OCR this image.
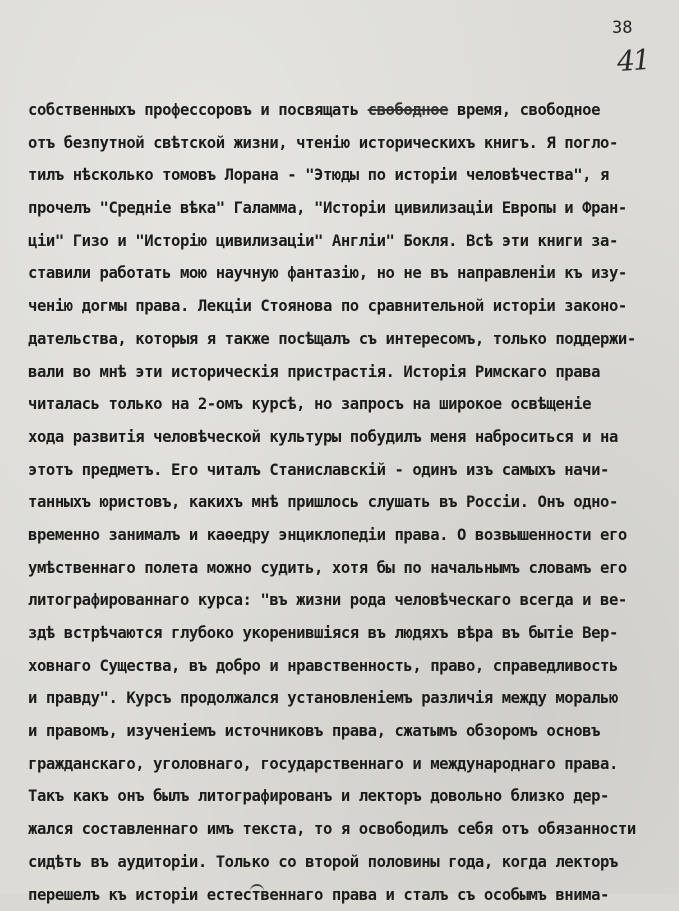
38
41
собственныхъ профессоровъ и посвящать свободное время, свободное
отъ безпутной свѣтской жизни, чтенiю историческихъ книгъ. Я погло-
тилъ нѣсколько томовъ Лорана - "Этюды по исторiи человѣчества", я
прочелъ "Среднiе вѣка" Галамма, "Исторiи цивилизацiи Европы и Фран-
цiи" Гизо и "Исторiю цивилизацiи" Англiи" Бокля. Всѣ эти книги за-
ставили работать мою научную фантазiю, но не въ направленiи къ изу-
ченiю догмы права. Лекцiи Стоянова по сравнительной исторiи законо-
дательства, которыя я также посѣщалъ съ интересомъ, только поддержи-
вали во мнѣ эти историческiя пристрастiя. Исторiя Римскаго права
читалась только на 2-омъ курсѣ, но запросъ на широкое освѣщенiе
хода развитiя человѣческой культуры побудилъ меня наброситься и на
этотъ предметъ. Его читалъ Станиславскiй - одинъ изъ самыхъ начи-
танныхъ юристовъ, какихъ мнѣ пришлось слушать въ Россiи. Онъ одно-
временно занималъ и каѳедру энциклопедiи права. О возвышенности его
умѣственнаго полета можно судить, хотя бы по начальнымъ словамъ его
литографированнаго курса: "въ жизни рода человѣческаго всегда и ве-
здѣ встрѣчаются глубоко укоренившiяся въ людяхъ вѣра въ бытiе Вер-
ховнаго Существа, въ добро и нравственность, право, справедливость
и правду". Курсъ продолжался установленiемъ различiя между моралью
и правомъ, изученiемъ источниковъ права, сжатымъ обзоромъ основъ
гражданскаго, уголовнаго, государственнаго и международнаго права.
Такъ какъ онъ былъ литографированъ и лекторъ довольно близко дер-
жался составленнаго имъ текста, то я освободилъ себя отъ обязанности
сидѣть въ аудиторiи. Только со второй половины года, когда лекторъ
перешелъ къ исторiи естественнаго права и сталъ съ особымъ внима-
